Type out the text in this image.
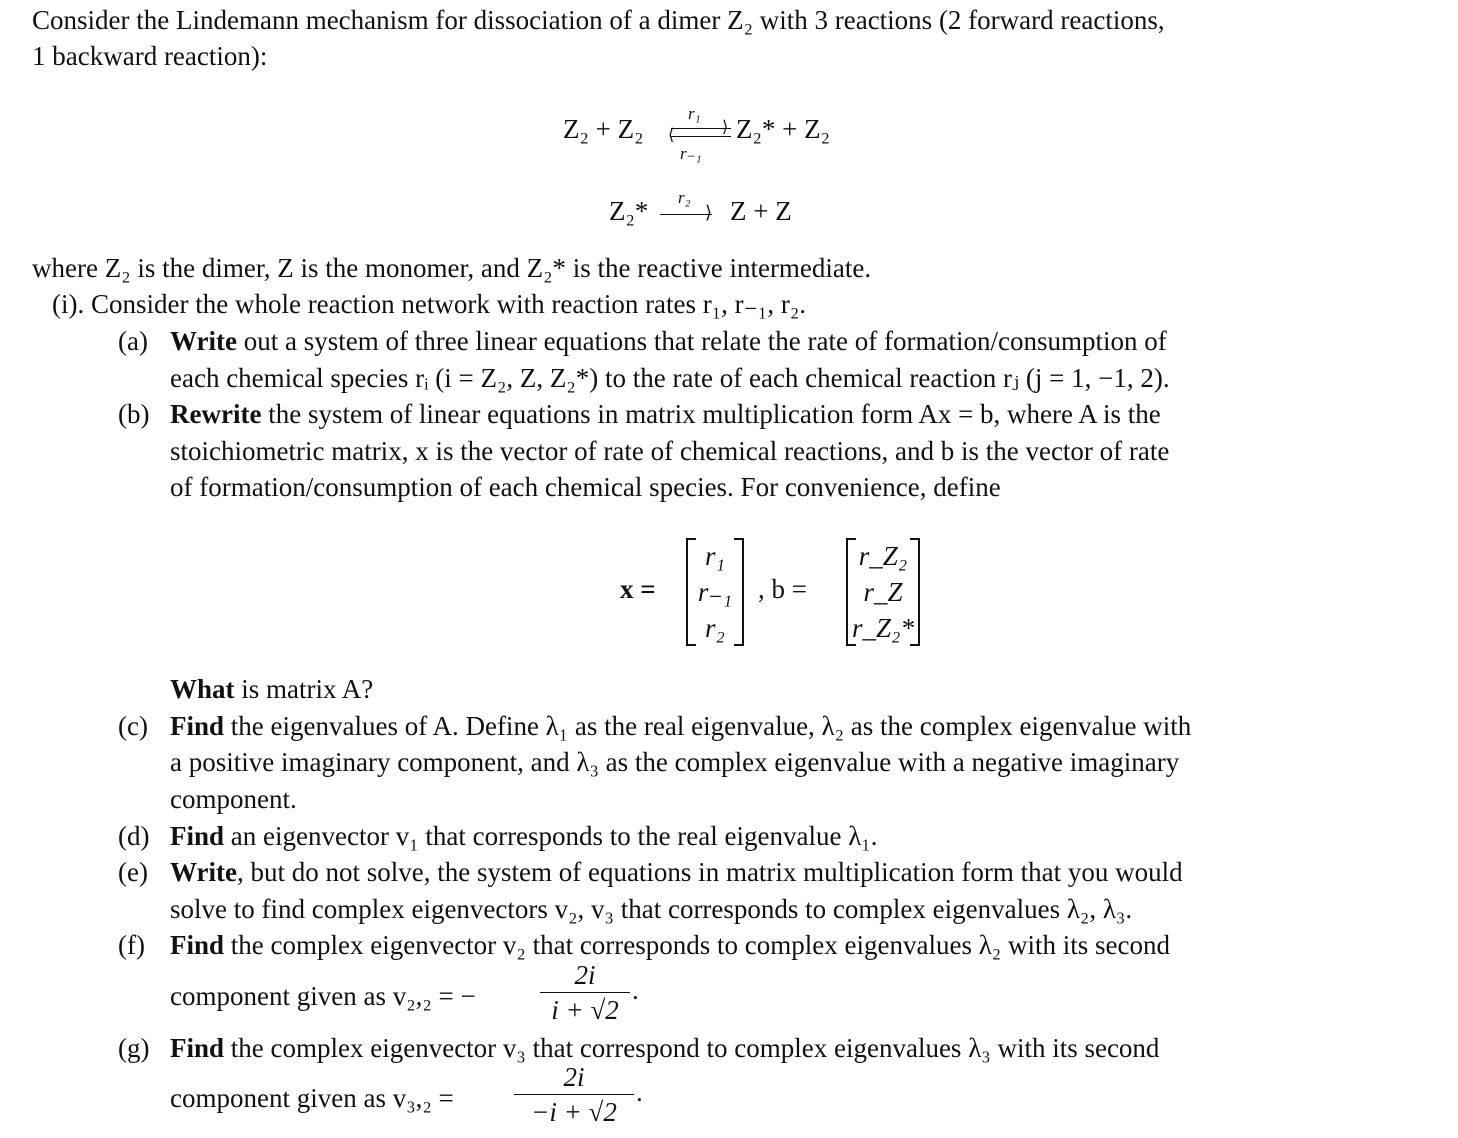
Consider the Lindemann mechanism for dissociation of a dimer Z₂ with 3 reactions (2 forward reactions,
1 backward reaction):
Z₂ + Z₂
r₁
⟩
⟨
r₋₁
Z₂* + Z₂
Z₂* r₂
⟩ Z + Z
where Z₂ is the dimer, Z is the monomer, and Z₂* is the reactive intermediate.
(i). Consider the whole reaction network with reaction rates r₁, r₋₁, r₂.
(a) Write out a system of three linear equations that relate the rate of formation/consumption of
each chemical species rᵢ (i = Z₂, Z, Z₂*) to the rate of each chemical reaction rⱼ (j = 1, −1, 2).
(b) Rewrite the system of linear equations in matrix multiplication form Ax = b, where A is the
stoichiometric matrix, x is the vector of rate of chemical reactions, and b is the vector of rate
of formation/consumption of each chemical species. For convenience, define
x =
r₁
r₋₁
r₂
, b =
r_Z₂
r_Z
r_Z₂*
What is matrix A?
(c) Find the eigenvalues of A. Define λ₁ as the real eigenvalue, λ₂ as the complex eigenvalue with
a positive imaginary component, and λ₃ as the complex eigenvalue with a negative imaginary
component.
(d) Find an eigenvector v₁ that corresponds to the real eigenvalue λ₁.
(e) Write, but do not solve, the system of equations in matrix multiplication form that you would
solve to find complex eigenvectors v₂, v₃ that corresponds to complex eigenvalues λ₂, λ₃.
(f) Find the complex eigenvector v₂ that corresponds to complex eigenvalues λ₂ with its second
component given as v₂,₂ = − $\frac{2i}{i + √2}$ .
(g) Find the complex eigenvector v₃ that correspond to complex eigenvalues λ₃ with its second
component given as $v_3,_2 = \frac{2i}{-i + √2}$ .
